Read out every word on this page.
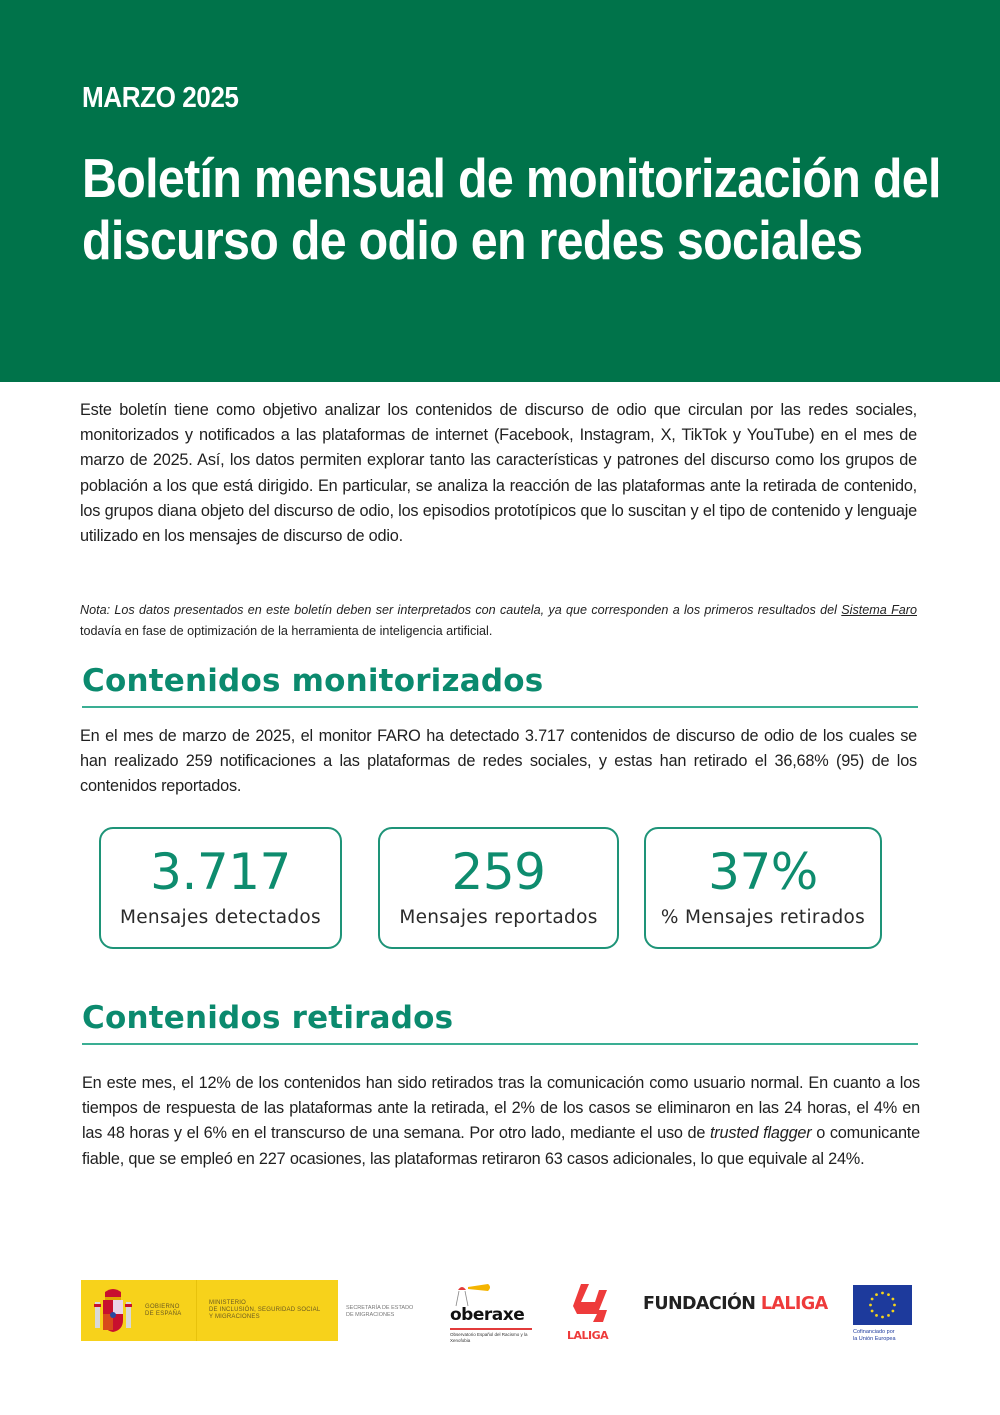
MARZO 2025
Boletín mensual de monitorización del discurso de odio en redes sociales

Este boletín tiene como objetivo analizar los contenidos de discurso de odio que circulan por las redes sociales, monitorizados y notificados a las plataformas de internet (Facebook, Instagram, X, TikTok y YouTube) en el mes de marzo de 2025. Así, los datos permiten explorar tanto las características y patrones del discurso como los grupos de población a los que está dirigido. En particular, se analiza la reacción de las plataformas ante la retirada de contenido, los grupos diana objeto del discurso de odio, los episodios prototípicos que lo suscitan y el tipo de contenido y lenguaje utilizado en los mensajes de discurso de odio.

Nota: Los datos presentados en este boletín deben ser interpretados con cautela, ya que corresponden a los primeros resultados del Sistema Faro todavía en fase de optimización de la herramienta de inteligencia artificial.

Contenidos monitorizados

En el mes de marzo de 2025, el monitor FARO ha detectado 3.717 contenidos de discurso de odio de los cuales se han realizado 259 notificaciones a las plataformas de redes sociales, y estas han retirado el 36,68% (95) de los contenidos reportados.

3.717
Mensajes detectados
259
Mensajes reportados
37%
% Mensajes retirados
Contenidos retirados

En este mes, el 12% de los contenidos han sido retirados tras la comunicación como usuario normal. En cuanto a los tiempos de respuesta de las plataformas ante la retirada, el 2% de los casos se eliminaron en las 24 horas, el 4% en las 48 horas y el 6% en el transcurso de una semana. Por otro lado, mediante el uso de trusted flagger o comunicante fiable, que se empleó en 227 ocasiones, las plataformas retiraron 63 casos adicionales, lo que equivale al 24%.

GOBIERNO
DE ESPAÑA
MINISTERIO
DE INCLUSIÓN, SEGURIDAD SOCIAL
Y MIGRACIONES
SECRETARÍA DE ESTADO
DE MIGRACIONES	oberaxe
Observatorio Español del Racismo y la Xenofobia	LALIGA
FUNDACIÓN LALIGA
Cofinanciado por
la Unión Europea
